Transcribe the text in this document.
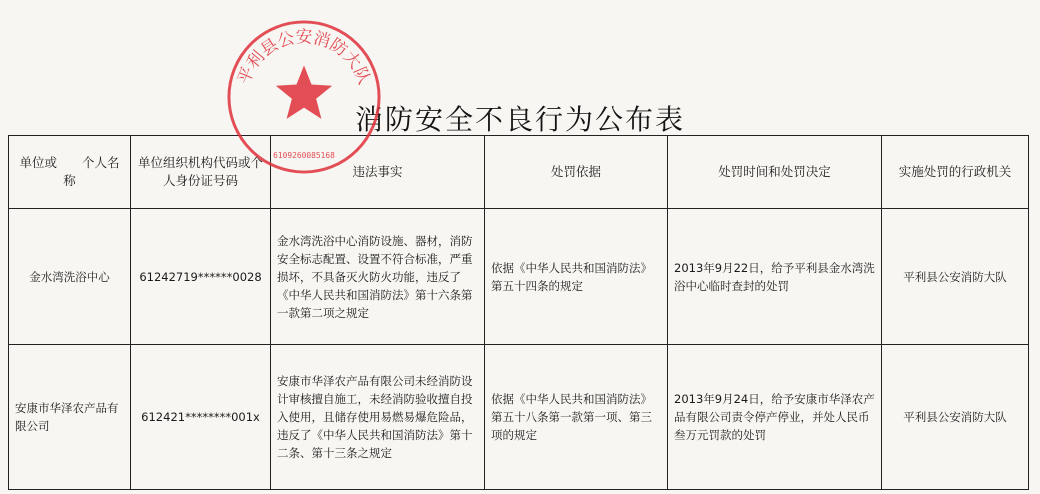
平利县公安消防大队
6109260085168
消防安全不良行为公布表
单位或　　个人名称	单位组织机构代码或个人身份证号码	违法事实	处罚依据	处罚时间和处罚决定	实施处罚的行政机关
金水湾洗浴中心	61242719******0028	金水湾洗浴中心消防设施、器材，消防安全标志配置、设置不符合标准，严重损坏，不具备灭火防火功能，违反了《中华人民共和国消防法》第十六条第一款第二项之规定	依据《中华人民共和国消防法》第五十四条的规定	2013年9月22日，给予平利县金水湾洗浴中心临时查封的处罚	平利县公安消防大队
安康市华泽农产品有限公司	612421********001x	安康市华泽农产品有限公司未经消防设计审核擅自施工，未经消防验收擅自投入使用，且储存使用易燃易爆危险品，违反了《中华人民共和国消防法》第十二条、第十三条之规定	依据《中华人民共和国消防法》第五十八条第一款第一项、第三项的规定	2013年9月24日，给予安康市华泽农产品有限公司责令停产停业，并处人民币叁万元罚款的处罚	平利县公安消防大队
